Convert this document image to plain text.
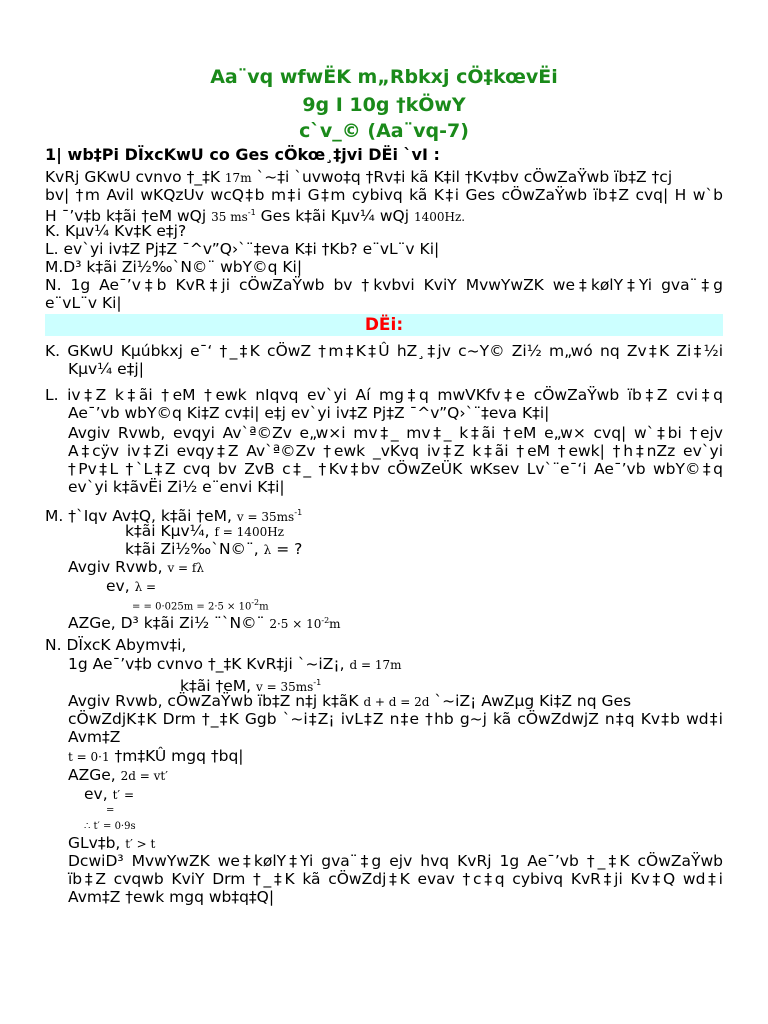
Aa¨vq wfwËK m„Rbkxj cÖ‡kœvËi
9g I 10g †kÖwY
c`v_© (Aa¨vq-7)
1| wb‡Pi DÏxcKwU co Ges cÖkœ¸‡jvi DËi `vI :
KvRj GKwU cvnvo †_‡K 17m `~‡i `uvwo‡q †Rv‡i kã K‡il †Kv‡bv cÖwZaŸwb ïb‡Z †cj
bv| †m Avil wKQzUv wcQ‡b m‡i G‡m cybivq kã K‡i Ges cÖwZaŸwb ïb‡Z cvq| H w`b
H ¯’v‡b k‡ãi †eM wQj 35 $ms^{-1}$ Ges k‡ãi Kµv¼ wQj 1400Hz.
K. Kµv¼ Kv‡K e‡j?
L. ev`yi iv‡Z Pj‡Z ¯^v”Q›`¨‡eva K‡i †Kb? e¨vL¨v Ki|
M.D³ k‡ãi Zi½‰`N©¨ wbY©q Ki|
N. 1g Ae¯’v‡b KvR‡ji cÖwZaŸwb bv †kvbvi KviY MvwYwZK we‡kølY‡Yi gva¨‡g
e¨vL¨v Ki|
DËi:
K. GKwU Kµúbkxj e¯‘ †_‡K cÖwZ †m‡K‡Û hZ¸‡jv c~Y© Zi½ m„wó nq Zv‡K Zi‡½i
Kµv¼ e‡j|
L. iv‡Z k‡ãi †eM †ewk nIqvq ev`yi Aí mg‡q mwVKfv‡e cÖwZaŸwb ïb‡Z cvi‡q
Ae¯’vb wbY©q Ki‡Z cv‡i| e‡j ev`yi iv‡Z Pj‡Z ¯^v”Q›`¨‡eva K‡i|
Avgiv Rvwb, evqyi Av`ª©Zv e„w×i mv‡_ mv‡_ k‡ãi †eM e„w× cvq| w`‡bi †ejv
A‡cÿv iv‡Zi evqy‡Z Av`ª©Zv †ewk _vKvq iv‡Z k‡ãi †eM †ewk| †h‡nZz ev`yi
†Pv‡L †`L‡Z cvq bv ZvB c‡_ †Kv‡bv cÖwZeÜK wKsev Lv`¨e¯‘i Ae¯’vb wbY©‡q
ev`yi k‡ãvËi Zi½ e¨envi K‡i|
M. †`Iqv Av‡Q, k‡ãi †eM, $v = 35ms^{-1}$
k‡ãi Kµv¼, f = 1400Hz
k‡ãi Zi½‰`N©¨, λ = ?
Avgiv Rvwb, v = fλ
ev, λ =
= = $0\cdot 025m = 2\cdot 5 \times 10^{-2}m$
AZGe, D³ k‡ãi Zi½ ¨`N©¨ $2\cdot 5 \times 10^{-2}m$
N. DÏxcK Abymv‡i,
1g Ae¯’v‡b cvnvo †_‡K KvR‡ji `~iZ¡, d = 17m
k‡ãi †eM, $v = 35ms^{-1}$
Avgiv Rvwb, cÖwZaŸwb ïb‡Z n‡j k‡ãK d + d = 2d `~iZ¡ AwZµg Ki‡Z nq Ges
cÖwZdjK‡K Drm †_‡K Ggb `~i‡Z¡ ivL‡Z n‡e †hb g~j kã cÖwZdwjZ n‡q Kv‡b wd‡i
Avm‡Z
t = 0·1 †m‡KÛ mgq †bq|
AZGe, 2d = vt′
ev, t′ =
=
∴ t′ = 0·9s
GLv‡b, t′ > t
DcwiD³ MvwYwZK we‡kølY‡Yi gva¨‡g ejv hvq KvRj 1g Ae¯’vb †_‡K cÖwZaŸwb
ïb‡Z cvqwb KviY Drm †_‡K kã cÖwZdj‡K evav †c‡q cybivq KvR‡ji Kv‡Q wd‡i
Avm‡Z †ewk mgq wb‡q‡Q|
